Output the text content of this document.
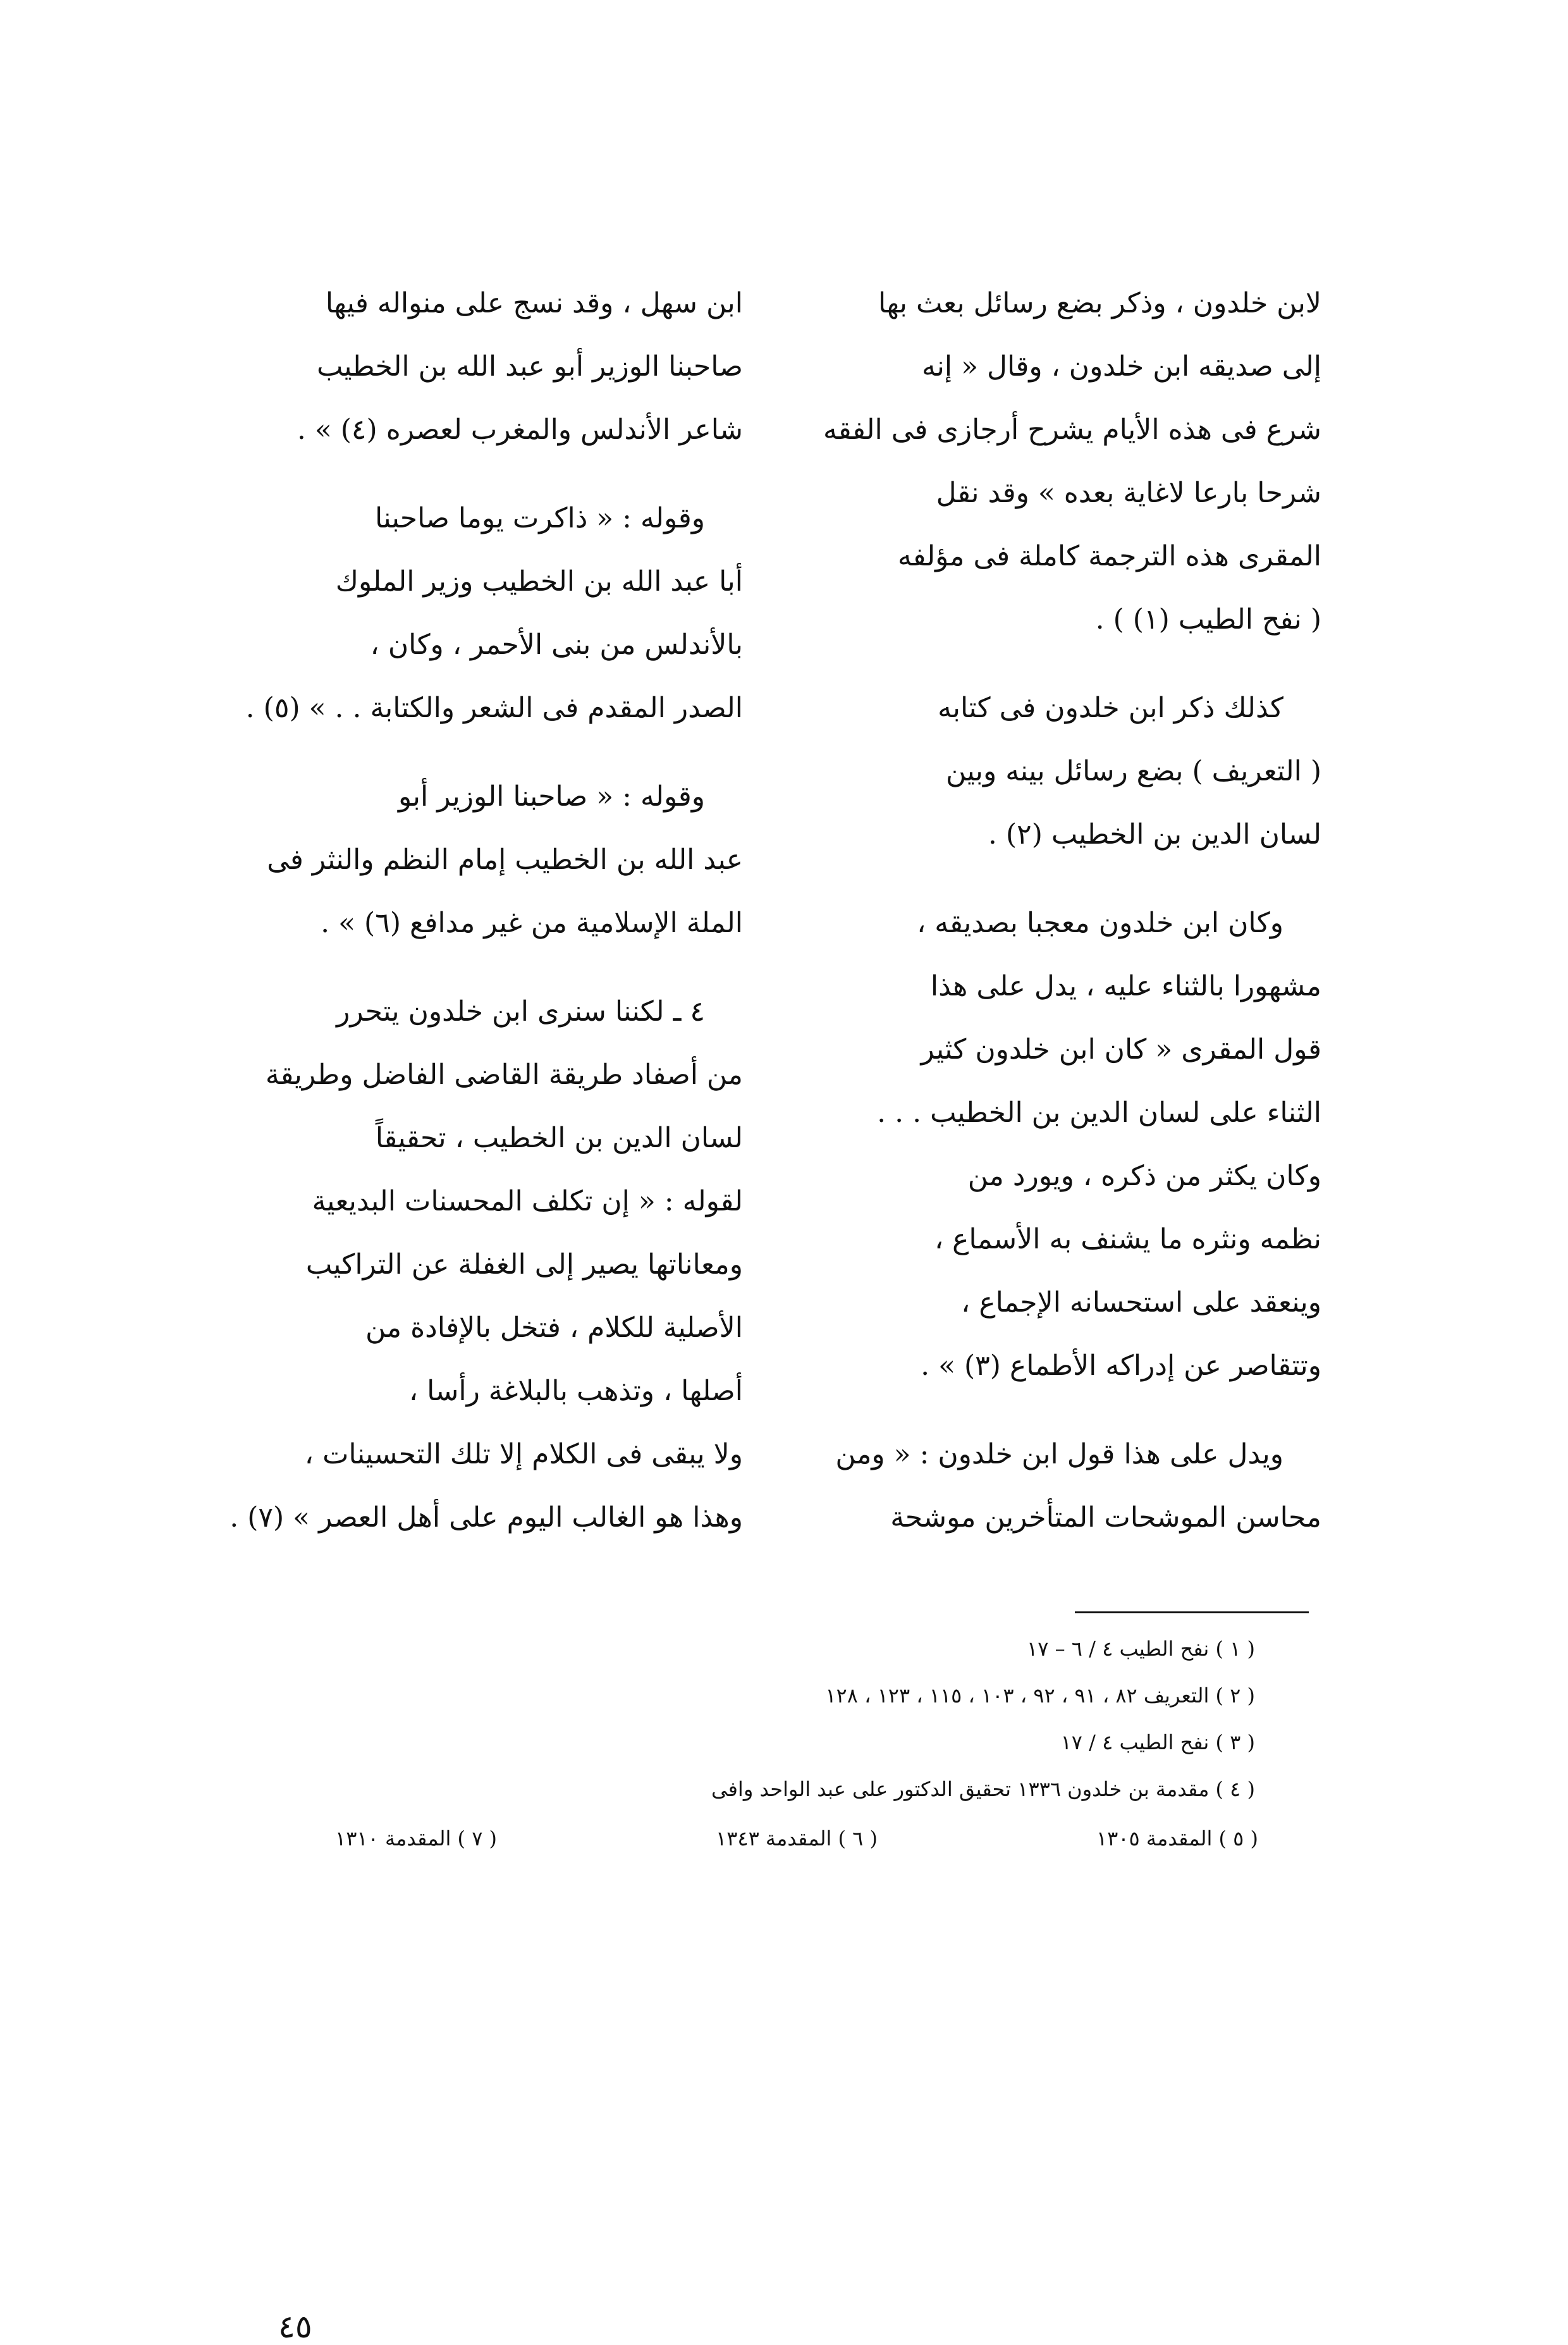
لابن خلدون ، وذكر بضع رسائل بعث بها
إلى صديقه ابن خلدون ، وقال « إنه
شرع فى هذه الأيام يشرح أرجازى فى الفقه
شرحا بارعا لاغاية بعده » وقد نقل
المقرى هذه الترجمة كاملة فى مؤلفه
( نفح الطيب (١) ) .
كذلك ذكر ابن خلدون فى كتابه
( التعريف ) بضع رسائل بينه وبين
لسان الدين بن الخطيب (٢) .
وكان ابن خلدون معجبا بصديقه ،
مشهورا بالثناء عليه ، يدل على هذا
قول المقرى « كان ابن خلدون كثير
الثناء على لسان الدين بن الخطيب . . .
وكان يكثر من ذكره ، ويورد من
نظمه ونثره ما يشنف به الأسماع ،
وينعقد على استحسانه الإجماع ،
وتتقاصر عن إدراكه الأطماع (٣) » .
ويدل على هذا قول ابن خلدون : « ومن
محاسن الموشحات المتأخرين موشحة
ابن سهل ، وقد نسج على منواله فيها
صاحبنا الوزير أبو عبد الله بن الخطيب
شاعر الأندلس والمغرب لعصره (٤) » .
وقوله : « ذاكرت يوما صاحبنا
أبا عبد الله بن الخطيب وزير الملوك
بالأندلس من بنى الأحمر ، وكان ،
الصدر المقدم فى الشعر والكتابة . . » (٥) .
وقوله : « صاحبنا الوزير أبو
عبد الله بن الخطيب إمام النظم والنثر فى
الملة الإسلامية من غير مدافع (٦) » .
٤ ـ لكننا سنرى ابن خلدون يتحرر
من أصفاد طريقة القاضى الفاضل وطريقة
لسان الدين بن الخطيب ، تحقيقاً
لقوله : « إن تكلف المحسنات البديعية
ومعاناتها يصير إلى الغفلة عن التراكيب
الأصلية للكلام ، فتخل بالإفادة من
أصلها ، وتذهب بالبلاغة رأسا ،
ولا يبقى فى الكلام إلا تلك التحسينات ،
وهذا هو الغالب اليوم على أهل العصر » (٧) .
( ١ ) نفح الطيب ٤ / ٦ – ١٧
( ٢ ) التعريف ٨٢ ، ٩١ ، ٩٢ ، ١٠٣ ، ١١٥ ، ١٢٣ ، ١٢٨
( ٣ ) نفح الطيب ٤ / ١٧
( ٤ ) مقدمة بن خلدون ١٣٣٦ تحقيق الدكتور على عبد الواحد وافى
( ٥ ) المقدمة ١٣٠٥
( ٦ ) المقدمة ١٣٤٣
( ٧ ) المقدمة ١٣١٠
٤٥
